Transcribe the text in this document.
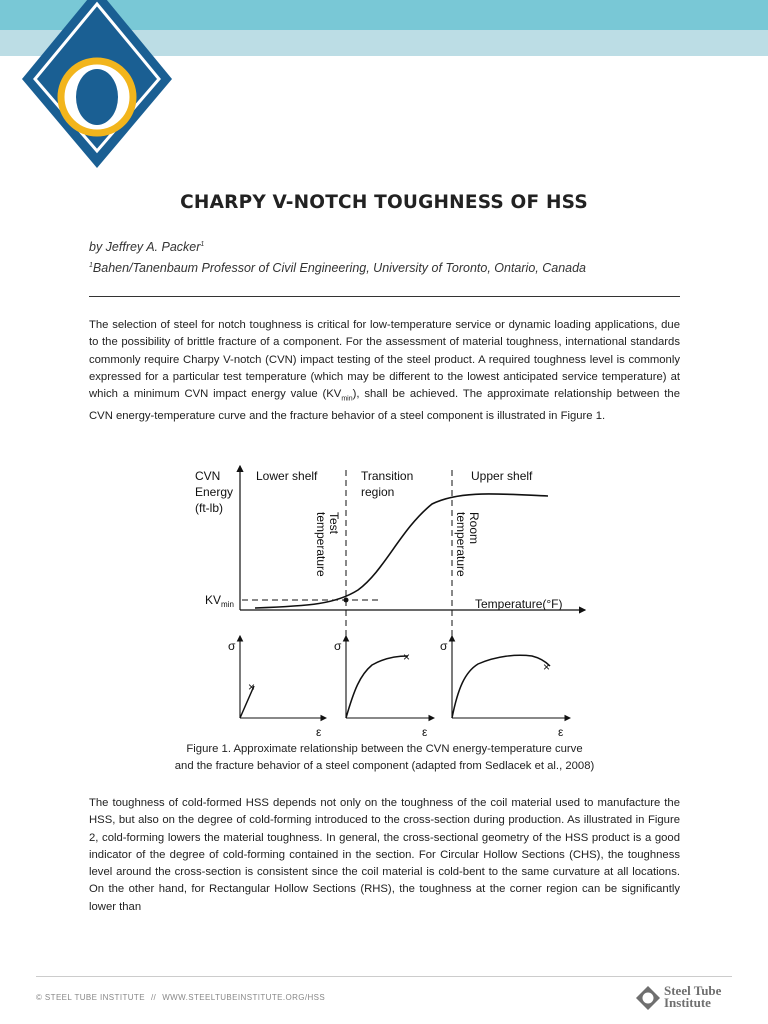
CHARPY V-NOTCH TOUGHNESS OF HSS
by Jeffrey A. Packer$^1$
$^1$Bahen/Tanenbaum Professor of Civil Engineering, University of Toronto, Ontario, Canada
The selection of steel for notch toughness is critical for low-temperature service or dynamic loading applications, due to the possibility of brittle fracture of a component. For the assessment of material toughness, international standards commonly require Charpy V-notch (CVN) impact testing of the steel product. A required toughness level is commonly expressed for a particular test temperature (which may be different to the lowest anticipated service temperature) at which a minimum CVN impact energy value $(KV_{min})$, shall be achieved. The approximate relationship between the CVN energy-temperature curve and the fracture behavior of a steel component is illustrated in Figure 1.
CVN Energy (ft-lb)
Lower shelf	Transition region
Upper shelf
Testtemperature	Roomtemperature
$KV_{min}$	Temperature(°F)
σ
ε
×
σ
ε
×
σ
ε
×
Figure 1. Approximate relationship between the CVN energy-temperature curve
and the fracture behavior of a steel component (adapted from Sedlacek et al., 2008)
The toughness of cold-formed HSS depends not only on the toughness of the coil material used to manufacture the HSS, but also on the degree of cold-forming introduced to the cross-section during production. As illustrated in Figure 2, cold-forming lowers the material toughness. In general, the cross-sectional geometry of the HSS product is a good indicator of the degree of cold-forming contained in the section. For Circular Hollow Sections (CHS), the toughness level around the cross-section is consistent since the coil material is cold-bent to the same curvature at all locations. On the other hand, for Rectangular Hollow Sections (RHS), the toughness at the corner region can be significantly lower than
© STEEL TUBE INSTITUTE // WWW.STEELTUBEINSTITUTE.ORG/HSS	Steel Tube
Institute
